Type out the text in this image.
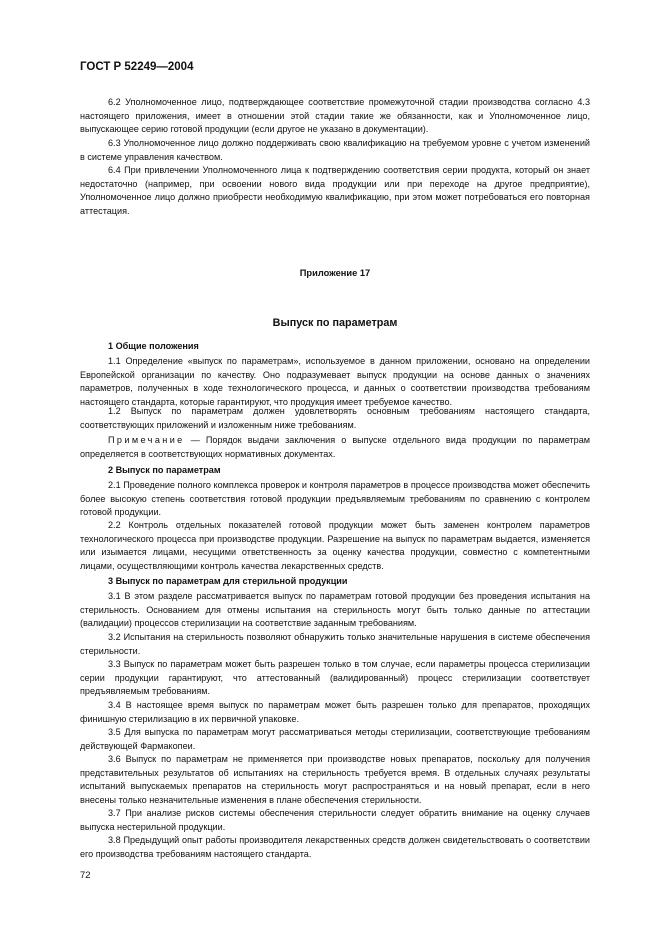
ГОСТ Р 52249—2004

6.2 Уполномоченное лицо, подтверждающее соответствие промежуточной стадии производства согласно 4.3 настоящего приложения, имеет в отношении этой стадии такие же обязанности, как и Уполномоченное лицо, выпускающее серию готовой продукции (если другое не указано в документации).

6.3 Уполномоченное лицо должно поддерживать свою квалификацию на требуемом уровне с учетом изменений в системе управления качеством.

6.4 При привлечении Уполномоченного лица к подтверждению соответствия серии продукта, который он знает недостаточно (например, при освоении нового вида продукции или при переходе на другое предприятие), Уполномоченное лицо должно приобрести необходимую квалификацию, при этом может потребоваться его повторная аттестация.

Приложение 17

Выпуск по параметрам

1 Общие положения

1.1 Определение «выпуск по параметрам», используемое в данном приложении, основано на определении Европейской организации по качеству. Оно подразумевает выпуск продукции на основе данных о значениях параметров, полученных в ходе технологического процесса, и данных о соответствии производства требованиям настоящего стандарта, которые гарантируют, что продукция имеет требуемое качество.

1.2 Выпуск по параметрам должен удовлетворять основным требованиям настоящего стандарта, соответствующих приложений и изложенным ниже требованиям.

Примечание — Порядок выдачи заключения о выпуске отдельного вида продукции по параметрам определяется в соответствующих нормативных документах.

2 Выпуск по параметрам

2.1 Проведение полного комплекса проверок и контроля параметров в процессе производства может обеспечить более высокую степень соответствия готовой продукции предъявляемым требованиям по сравнению с контролем готовой продукции.

2.2 Контроль отдельных показателей готовой продукции может быть заменен контролем параметров технологического процесса при производстве продукции. Разрешение на выпуск по параметрам выдается, изменяется или изымается лицами, несущими ответственность за оценку качества продукции, совместно с компетентными лицами, осуществляющими контроль качества лекарственных средств.

3 Выпуск по параметрам для стерильной продукции

3.1 В этом разделе рассматривается выпуск по параметрам готовой продукции без проведения испытания на стерильность. Основанием для отмены испытания на стерильность могут быть только данные по аттестации (валидации) процессов стерилизации на соответствие заданным требованиям.

3.2 Испытания на стерильность позволяют обнаружить только значительные нарушения в системе обеспечения стерильности.

3.3 Выпуск по параметрам может быть разрешен только в том случае, если параметры процесса стерилизации серии продукции гарантируют, что аттестованный (валидированный) процесс стерилизации соответствует предъявляемым требованиям.

3.4 В настоящее время выпуск по параметрам может быть разрешен только для препаратов, проходящих финишную стерилизацию в их первичной упаковке.

3.5 Для выпуска по параметрам могут рассматриваться методы стерилизации, соответствующие требованиям действующей Фармакопеи.

3.6 Выпуск по параметрам не применяется при производстве новых препаратов, поскольку для получения представительных результатов об испытаниях на стерильность требуется время. В отдельных случаях результаты испытаний выпускаемых препаратов на стерильность могут распространяться и на новый препарат, если в него внесены только незначительные изменения в плане обеспечения стерильности.

3.7 При анализе рисков системы обеспечения стерильности следует обратить внимание на оценку случаев выпуска нестерильной продукции.

3.8 Предыдущий опыт работы производителя лекарственных средств должен свидетельствовать о соответствии его производства требованиям настоящего стандарта.

72
